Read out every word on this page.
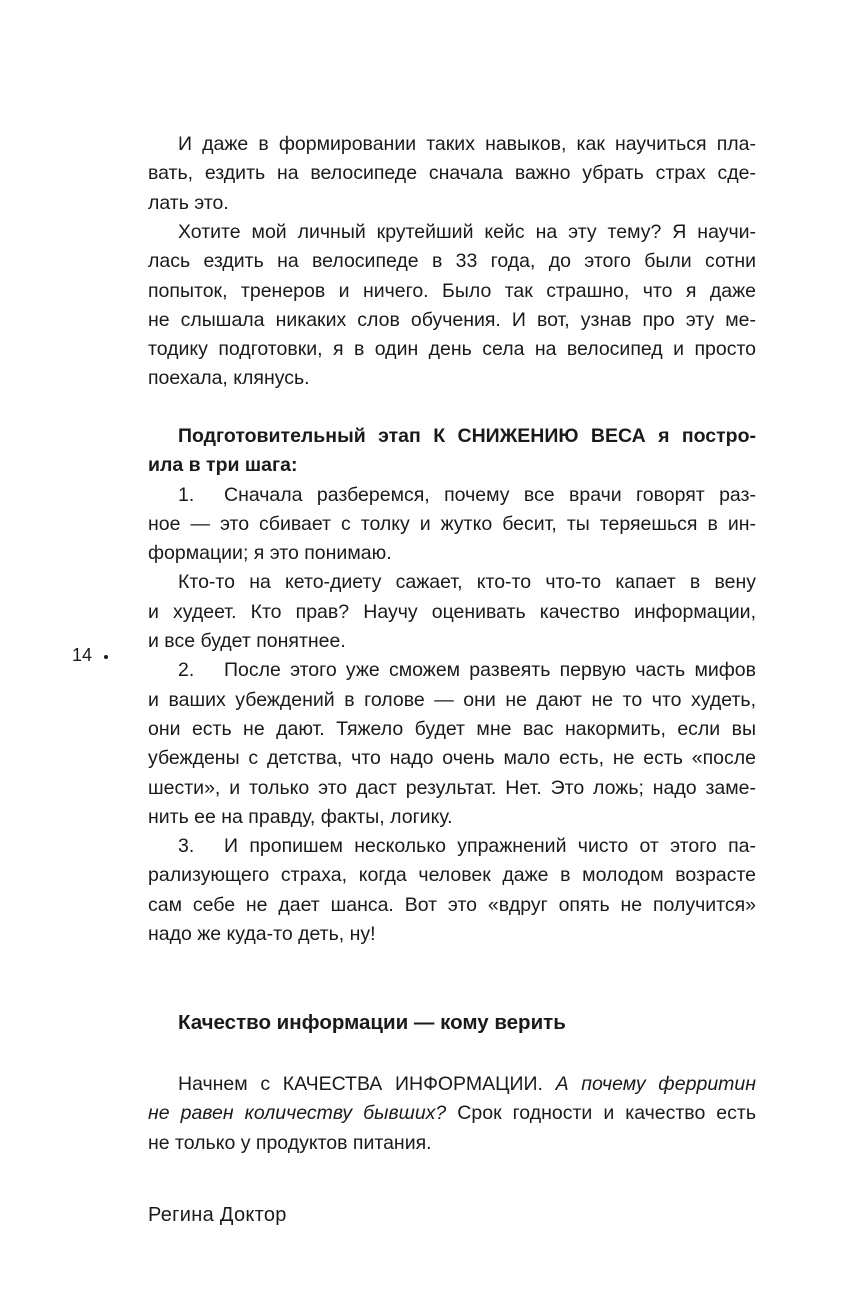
И даже в формировании таких навыков, как научиться пла-
вать, ездить на велосипеде сначала важно убрать страх сде-
лать это.
Хотите мой личный крутейший кейс на эту тему? Я научи-
лась ездить на велосипеде в 33 года, до этого были сотни
попыток, тренеров и ничего. Было так страшно, что я даже
не слышала никаких слов обучения. И вот, узнав про эту ме-
тодику подготовки, я в один день села на велосипед и просто
поехала, клянусь.
Подготовительный этап К СНИЖЕНИЮ ВЕСА я постро-
ила в три шага:
1. Сначала разберемся, почему все врачи говорят раз-
ное — это сбивает с толку и жутко бесит, ты теряешься в ин-
формации; я это понимаю.
Кто-то на кето-диету сажает, кто-то что-то капает в вену
и худеет. Кто прав? Научу оценивать качество информации,
и все будет понятнее.
2. После этого уже сможем развеять первую часть мифов
и ваших убеждений в голове — они не дают не то что худеть,
они есть не дают. Тяжело будет мне вас накормить, если вы
убеждены с детства, что надо очень мало есть, не есть «после
шести», и только это даст результат. Нет. Это ложь; надо заме-
нить ее на правду, факты, логику.
3. И пропишем несколько упражнений чисто от этого па-
рализующего страха, когда человек даже в молодом возрасте
сам себе не дает шанса. Вот это «вдруг опять не получится»
надо же куда-то деть, ну!
Качество информации — кому верить
Начнем с КАЧЕСТВА ИНФОРМАЦИИ. А почему ферритин
не равен количеству бывших? Срок годности и качество есть
не только у продуктов питания.
14
Регина Доктор
